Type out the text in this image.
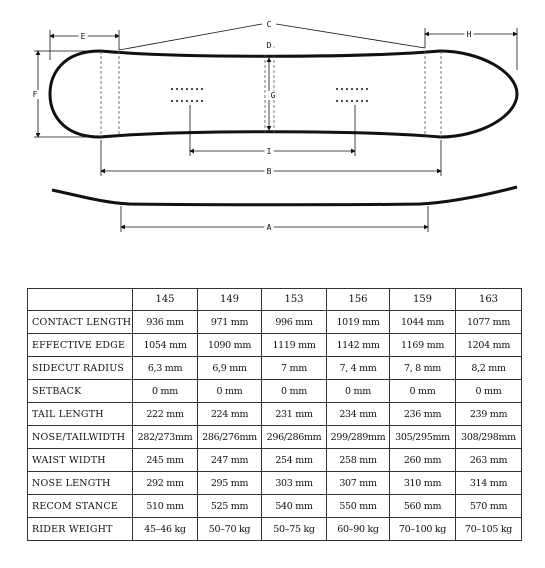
C
E	H
D
F	G
I
B
A
	145	149	153	156	159	163
CONTACT LENGTH	936 mm	971 mm	996 mm	1019 mm	1044 mm	1077 mm
EFFECTIVE EDGE	1054 mm	1090 mm	1119 mm	1142 mm	1169 mm	1204 mm
SIDECUT RADIUS	6,3 mm	6,9 mm	7 mm	7, 4 mm	7, 8 mm	8,2 mm
SETBACK	0 mm	0 mm	0 mm	0 mm	0 mm	0 mm
TAIL LENGTH	222 mm	224 mm	231 mm	234 mm	236 mm	239 mm
NOSE/TAILWIDTH	282/273mm	286/276mm	296/286mm	299/289mm	305/295mm	308/298mm
WAIST WIDTH	245 mm	247 mm	254 mm	258 mm	260 mm	263 mm
NOSE LENGTH	292 mm	295 mm	303 mm	307 mm	310 mm	314 mm
RECOM STANCE	510 mm	525 mm	540 mm	550 mm	560 mm	570 mm
RIDER WEIGHT	45–46 kg	50–70 kg	50–75 kg	60–90 kg	70–100 kg	70–105 kg
